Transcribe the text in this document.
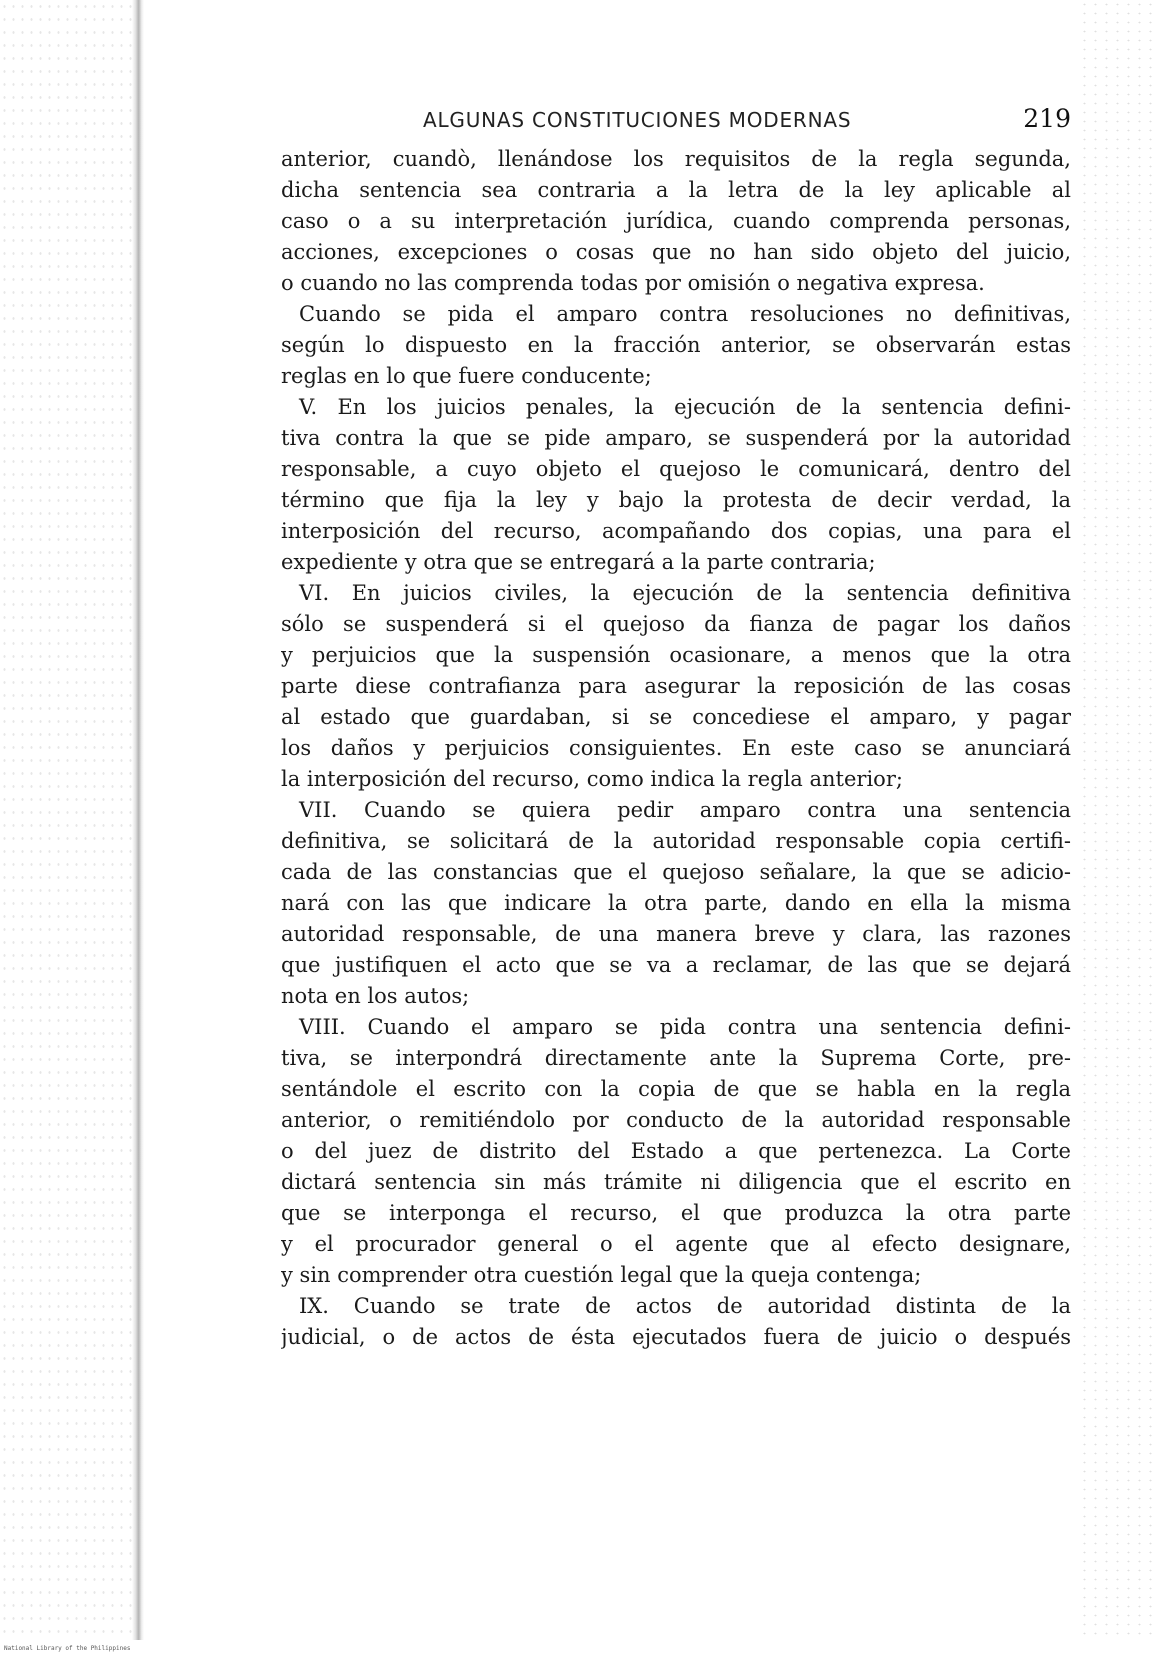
ALGUNAS CONSTITUCIONES MODERNAS	219
anterior, cuandò, llenándose los requisitos de la regla segunda,
dicha sentencia sea contraria a la letra de la ley aplicable al
caso o a su interpretación jurídica, cuando comprenda personas,
acciones, excepciones o cosas que no han sido objeto del juicio,
o cuando no las comprenda todas por omisión o negativa expresa.
Cuando se pida el amparo contra resoluciones no definitivas,
según lo dispuesto en la fracción anterior, se observarán estas
reglas en lo que fuere conducente;
V. En los juicios penales, la ejecución de la sentencia defini-
tiva contra la que se pide amparo, se suspenderá por la autoridad
responsable, a cuyo objeto el quejoso le comunicará, dentro del
término que fija la ley y bajo la protesta de decir verdad, la
interposición del recurso, acompañando dos copias, una para el
expediente y otra que se entregará a la parte contraria;
VI. En juicios civiles, la ejecución de la sentencia definitiva
sólo se suspenderá si el quejoso da fianza de pagar los daños
y perjuicios que la suspensión ocasionare, a menos que la otra
parte diese contrafianza para asegurar la reposición de las cosas
al estado que guardaban, si se concediese el amparo, y pagar
los daños y perjuicios consiguientes. En este caso se anunciará
la interposición del recurso, como indica la regla anterior;
VII. Cuando se quiera pedir amparo contra una sentencia
definitiva, se solicitará de la autoridad responsable copia certifi-
cada de las constancias que el quejoso señalare, la que se adicio-
nará con las que indicare la otra parte, dando en ella la misma
autoridad responsable, de una manera breve y clara, las razones
que justifiquen el acto que se va a reclamar, de las que se dejará
nota en los autos;
VIII. Cuando el amparo se pida contra una sentencia defini-
tiva, se interpondrá directamente ante la Suprema Corte, pre-
sentándole el escrito con la copia de que se habla en la regla
anterior, o remitiéndolo por conducto de la autoridad responsable
o del juez de distrito del Estado a que pertenezca. La Corte
dictará sentencia sin más trámite ni diligencia que el escrito en
que se interponga el recurso, el que produzca la otra parte
y el procurador general o el agente que al efecto designare,
y sin comprender otra cuestión legal que la queja contenga;
IX. Cuando se trate de actos de autoridad distinta de la
judicial, o de actos de ésta ejecutados fuera de juicio o después
National Library of the Philippines
